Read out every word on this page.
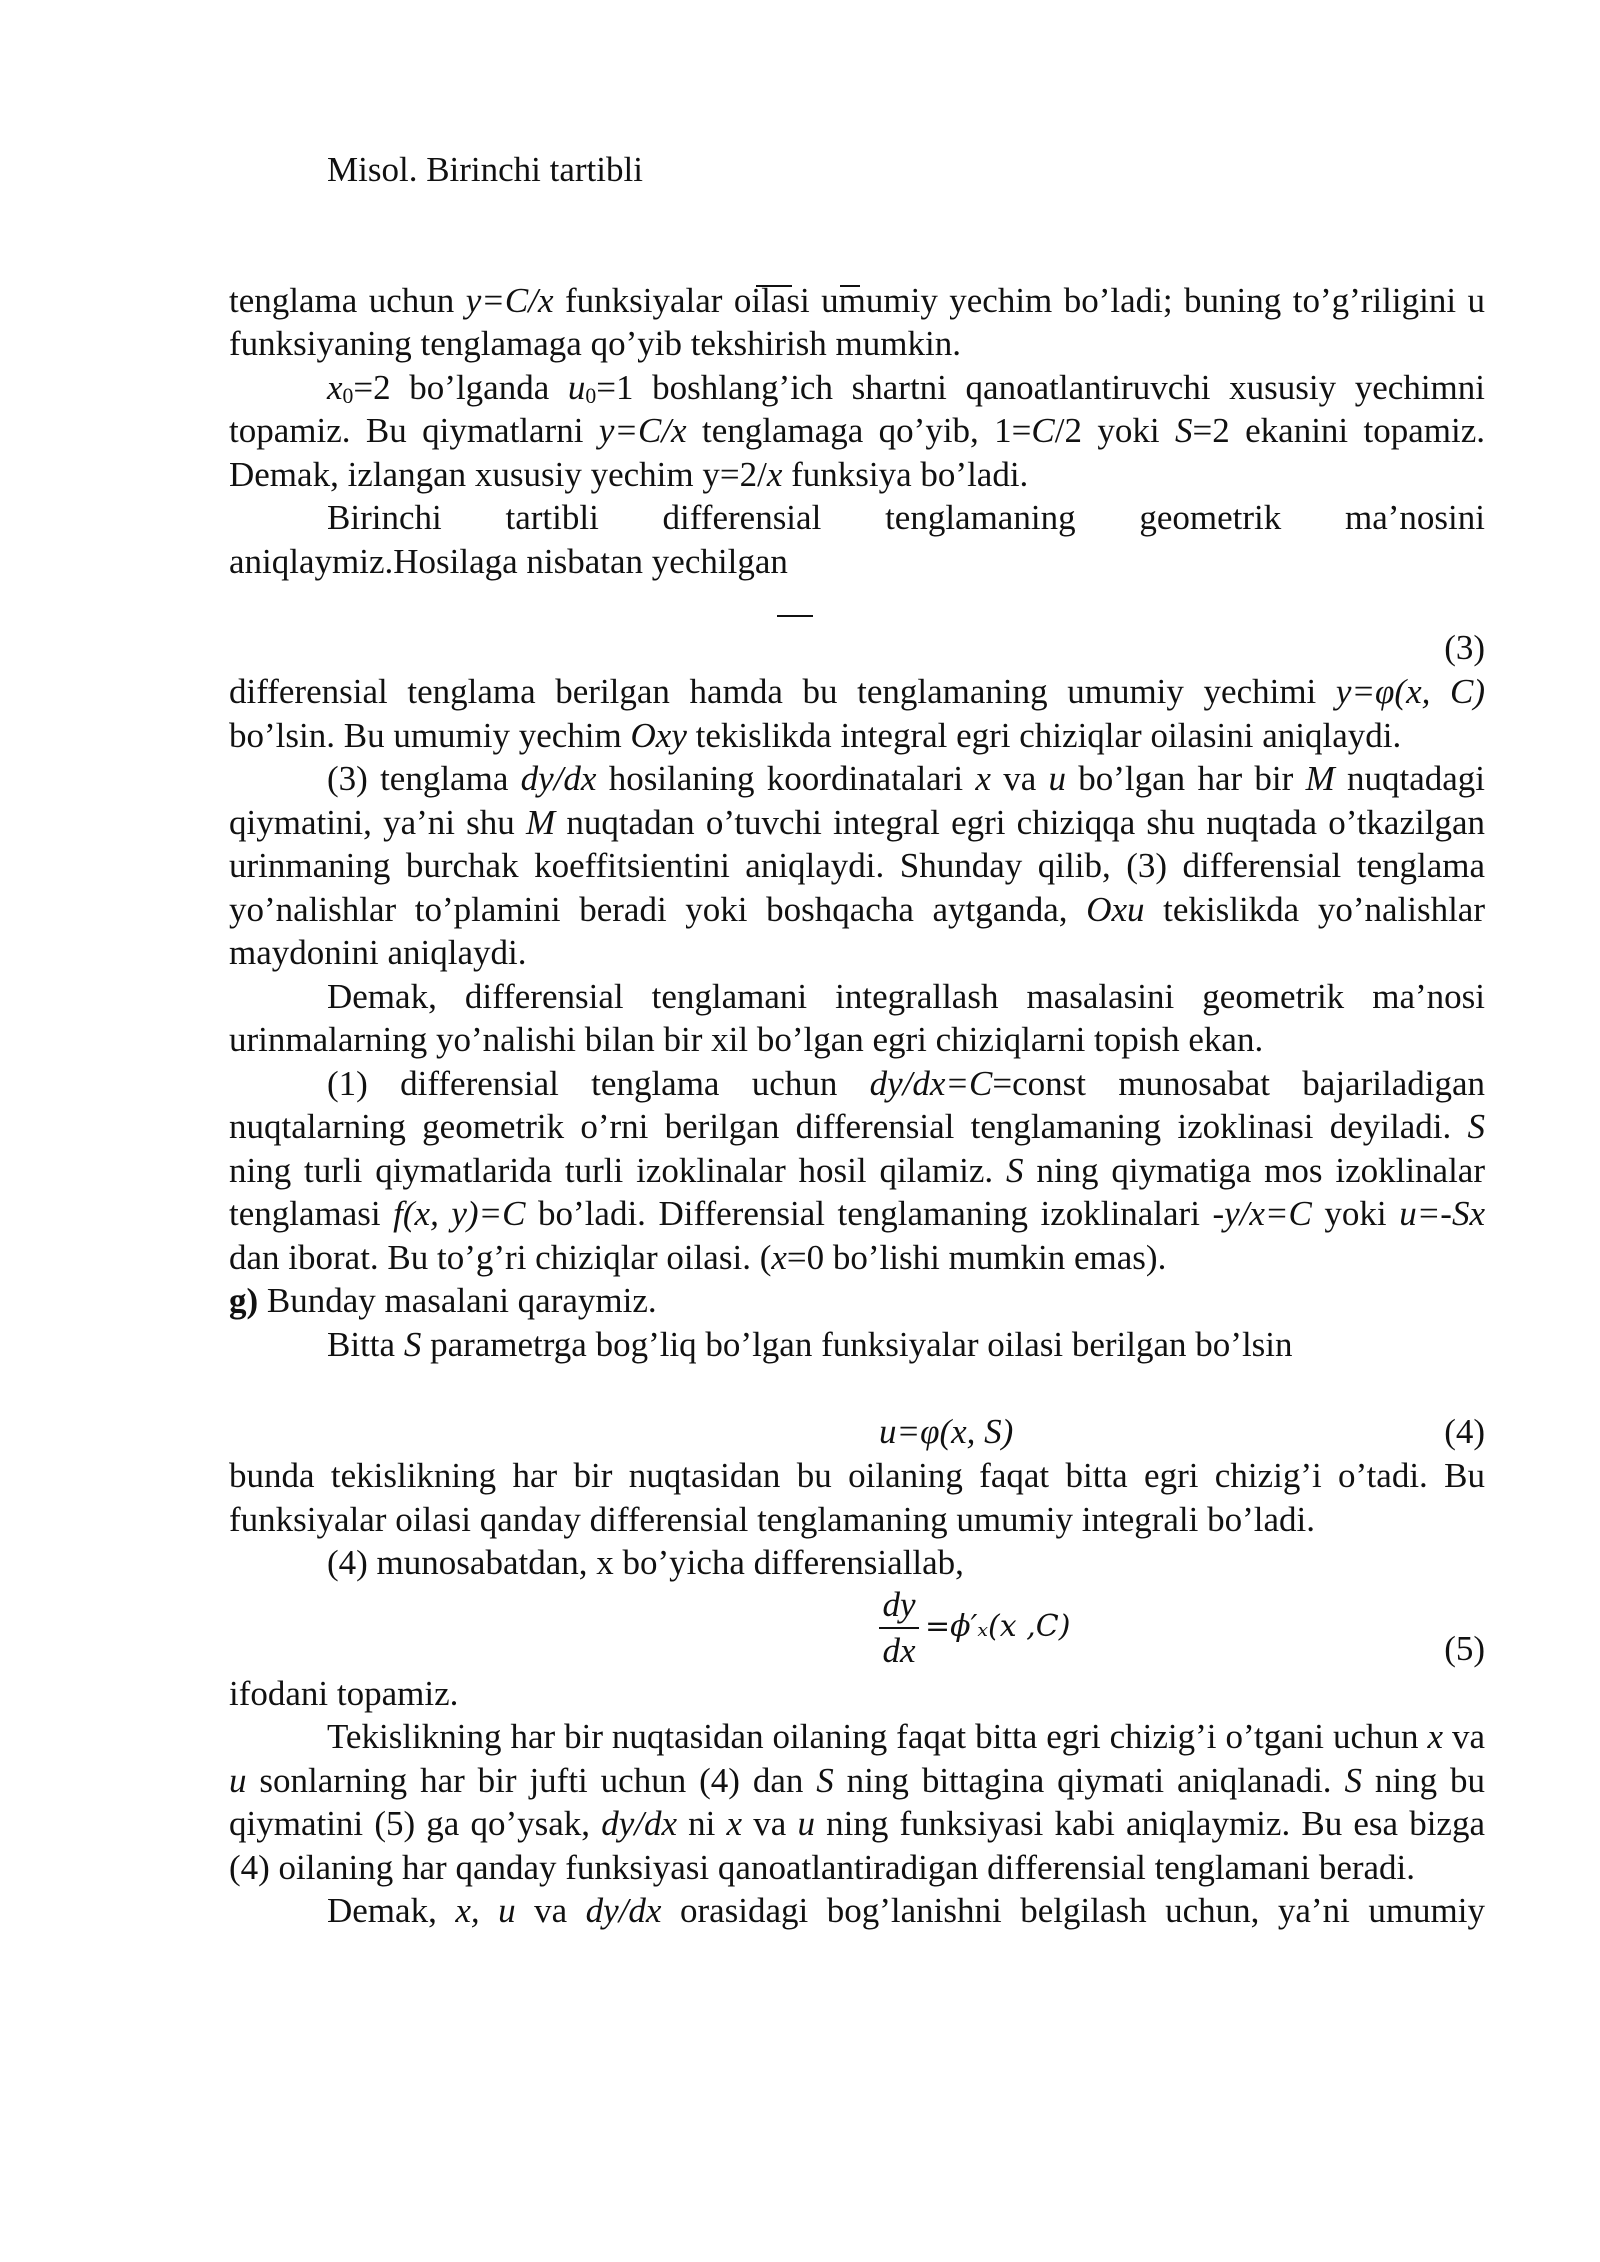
Misol. Birinchi tartibli

tenglama uchun y=C/x funksiyalar oilasi umumiy yechim bo’ladi; buning to’g’riligini u funksiyaning tenglamaga qo’yib tekshirish mumkin.

$x_0=2$ bo’lganda $u_0=1$ boshlang’ich shartni qanoatlantiruvchi xususiy yechimni topamiz. Bu qiymatlarni y=C/x tenglamaga qo’yib, 1=C/2 yoki S=2 ekanini topamiz. Demak, izlangan xususiy yechim y=2/x funksiya bo’ladi.

Birinchi tartibli differensial tenglamaning geometrik ma’nosini aniqlaymiz.Hosilaga nisbatan yechilgan

(3)

differensial tenglama berilgan hamda bu tenglamaning umumiy yechimi y=φ(x, C) bo’lsin. Bu umumiy yechim Oxy tekislikda integral egri chiziqlar oilasini aniqlaydi.

(3) tenglama dy/dx hosilaning koordinatalari x va u bo’lgan har bir M nuqtadagi qiymatini, ya’ni shu M nuqtadan o’tuvchi integral egri chiziqqa shu nuqtada o’tkazilgan urinmaning burchak koeffitsientini aniqlaydi. Shunday qilib, (3) differensial tenglama yo’nalishlar to’plamini beradi yoki boshqacha aytganda, Oxu tekislikda yo’nalishlar maydonini aniqlaydi.

Demak, differensial tenglamani integrallash masalasini geometrik ma’nosi urinmalarning yo’nalishi bilan bir xil bo’lgan egri chiziqlarni topish ekan.

(1) differensial tenglama uchun dy/dx=C=const munosabat bajariladigan nuqtalarning geometrik o’rni berilgan differensial tenglamaning izoklinasi deyiladi. S ning turli qiymatlarida turli izoklinalar hosil qilamiz. S ning qiymatiga mos izoklinalar tenglamasi f(x, y)=C bo’ladi. Differensial tenglamaning izoklinalari -y/x=C yoki u=-Sx dan iborat. Bu to’g’ri chiziqlar oilasi. (x=0 bo’lishi mumkin emas).

g) Bunday masalani qaraymiz.

Bitta S parametrga bog’liq bo’lgan funksiyalar oilasi berilgan bo’lsin

u=φ(x, S)	(4)

bunda tekislikning har bir nuqtasidan bu oilaning faqat bitta egri chizig’i o’tadi. Bu funksiyalar oilasi qanday differensial tenglamaning umumiy integrali bo’ladi.

(4) munosabatdan, x bo’yicha differensiallab,

dy
dx
=ϕ′ₓ(x ,C)
(5)

ifodani topamiz.

Tekislikning har bir nuqtasidan oilaning faqat bitta egri chizig’i o’tgani uchun x va u sonlarning har bir jufti uchun (4) dan S ning bittagina qiymati aniqlanadi. S ning bu qiymatini (5) ga qo’ysak, dy/dx ni x va u ning funksiyasi kabi aniqlaymiz. Bu esa bizga (4) oilaning har qanday funksiyasi qanoatlantiradigan differensial tenglamani beradi.

Demak, x, u va dy/dx orasidagi bog’lanishni belgilash uchun, ya’ni umumiy
